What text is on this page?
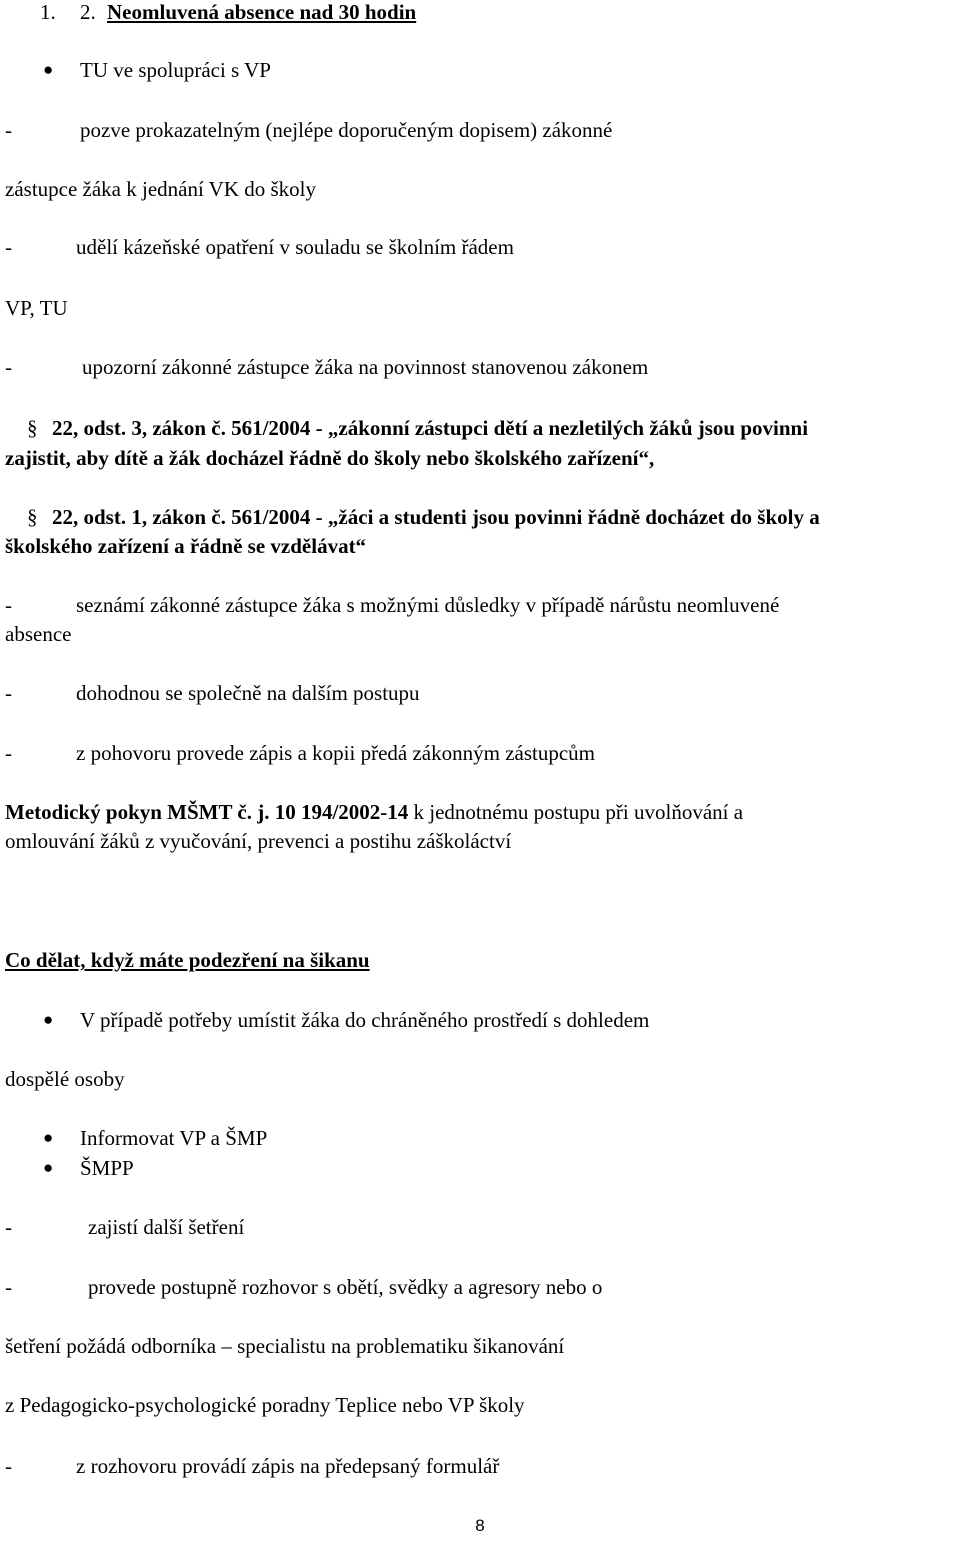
1. 2. Neomluvená absence nad 30 hodin
● TU ve spolupráci s VP
-	pozve prokazatelným (nejlépe doporučeným dopisem) zákonné
zástupce žáka k jednání VK do školy
-	udělí kázeňské opatření v souladu se školním řádem
VP, TU
-	upozorní zákonné zástupce žáka na povinnost stanovenou zákonem
§ 22, odst. 3, zákon č. 561/2004 - „zákonní zástupci dětí a nezletilých žáků jsou povinni
zajistit, aby dítě a žák docházel řádně do školy nebo školského zařízení“,
§ 22, odst. 1, zákon č. 561/2004 - „žáci a studenti jsou povinni řádně docházet do školy a
školského zařízení a řádně se vzdělávat“
-	seznámí zákonné zástupce žáka s možnými důsledky v případě nárůstu neomluvené
absence
-	dohodnou se společně na dalším postupu
-	z pohovoru provede zápis a kopii předá zákonným zástupcům
Metodický pokyn MŠMT č. j. 10 194/2002-14 k jednotnému postupu při uvolňování a
omlouvání žáků z vyučování, prevenci a postihu záškoláctví
Co dělat, když máte podezření na šikanu
● V případě potřeby umístit žáka do chráněného prostředí s dohledem
dospělé osoby
● Informovat VP a ŠMP
● ŠMPP
-	zajistí další šetření
-	provede postupně rozhovor s obětí, svědky a agresory nebo o
šetření požádá odborníka – specialistu na problematiku šikanování
z Pedagogicko-psychologické poradny Teplice nebo VP školy
-	z rozhovoru provádí zápis na předepsaný formulář
8
